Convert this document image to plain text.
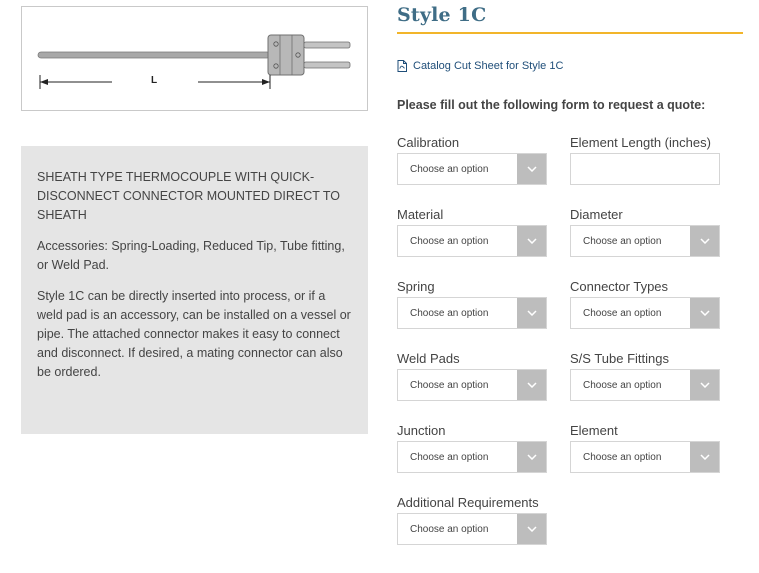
L

SHEATH TYPE THERMOCOUPLE WITH QUICK-DISCONNECT CONNECTOR MOUNTED DIRECT TO SHEATH

Accessories: Spring-Loading, Reduced Tip, Tube fitting, or Weld Pad.

Style 1C can be directly inserted into process, or if a weld pad is an accessory, can be installed on a vessel or pipe. The attached connector makes it easy to connect and disconnect. If desired, a mating connector can also be ordered.

Style 1C
Catalog Cut Sheet for Style 1C
Please fill out the following form to request a quote:
Calibration
Choose an option
Element Length (inches)
Material
Choose an option
Diameter
Choose an option
Spring
Choose an option
Connector Types
Choose an option
Weld Pads
Choose an option
S/S Tube Fittings
Choose an option
Junction
Choose an option
Element
Choose an option
Additional Requirements
Choose an option
